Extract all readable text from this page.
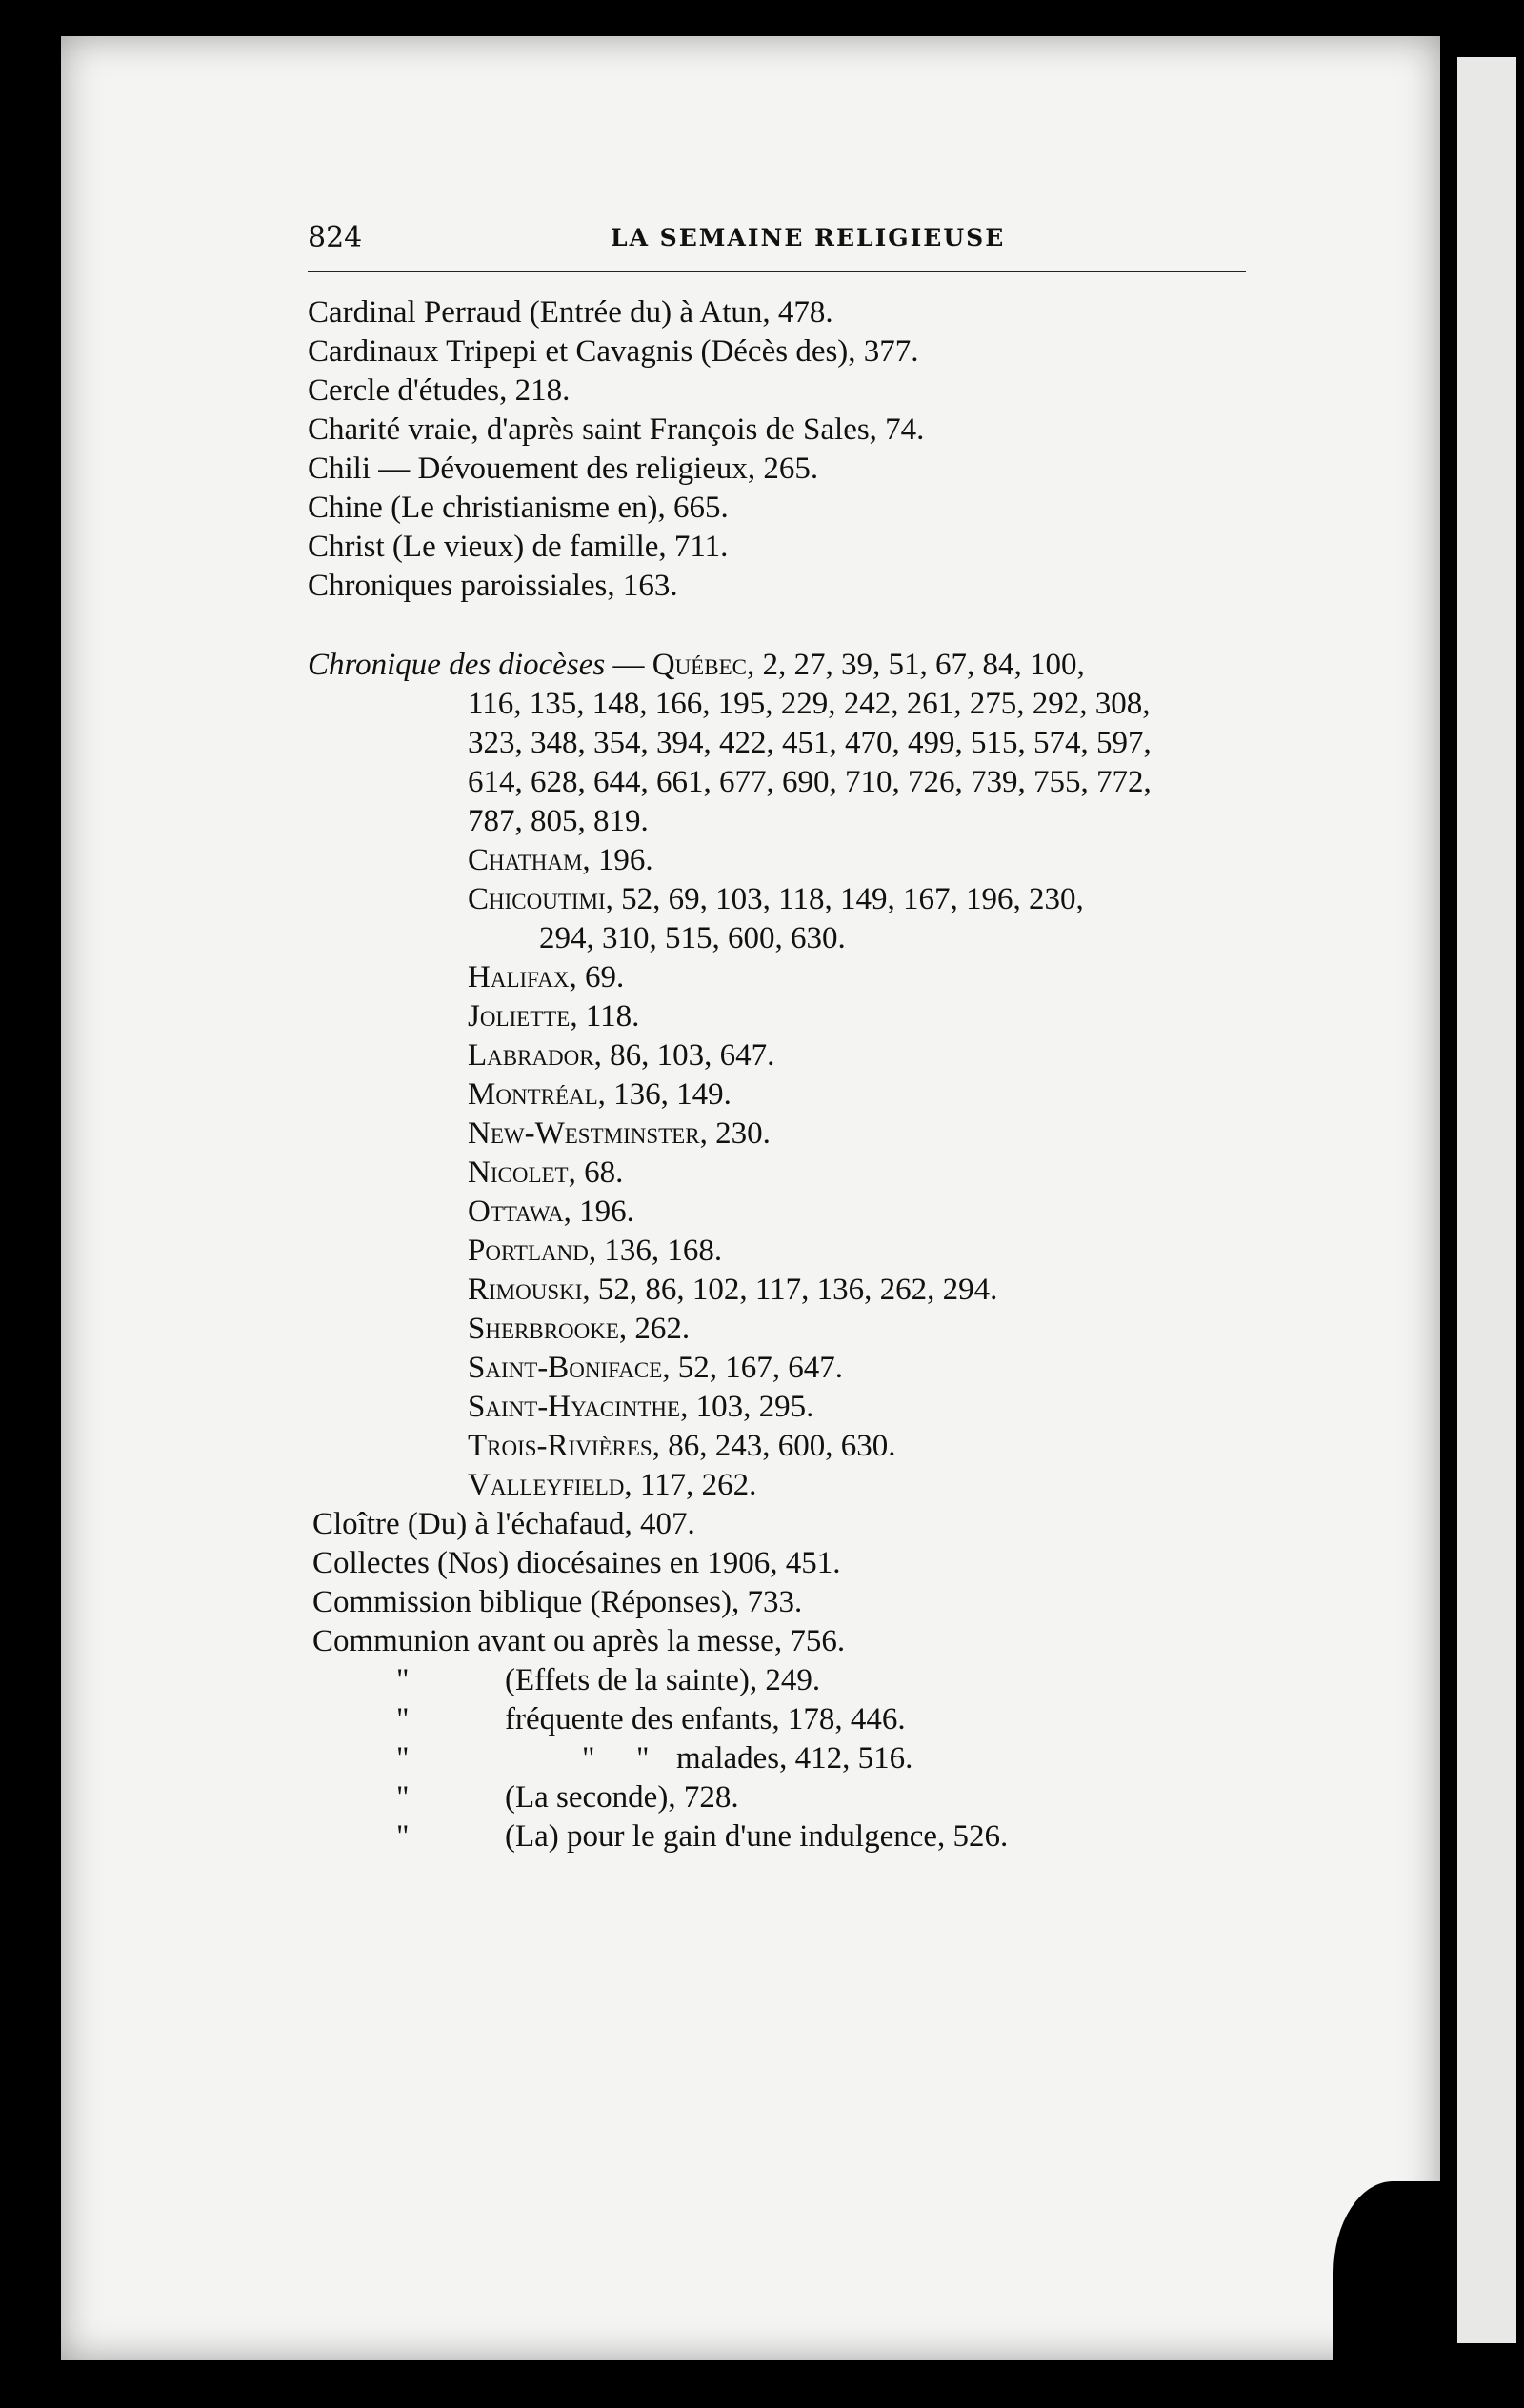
824	LA SEMAINE RELIGIEUSE
Cardinal Perraud (Entrée du) à Atun, 478.
Cardinaux Tripepi et Cavagnis (Décès des), 377.
Cercle d'études, 218.
Charité vraie, d'après saint François de Sales, 74.
Chili — Dévouement des religieux, 265.
Chine (Le christianisme en), 665.
Christ (Le vieux) de famille, 711.
Chroniques paroissiales, 163.
Chronique des diocèses — Québec, 2, 27, 39, 51, 67, 84, 100,
116, 135, 148, 166, 195, 229, 242, 261, 275, 292, 308,
323, 348, 354, 394, 422, 451, 470, 499, 515, 574, 597,
614, 628, 644, 661, 677, 690, 710, 726, 739, 755, 772,
787, 805, 819.
Chatham, 196.
Chicoutimi, 52, 69, 103, 118, 149, 167, 196, 230,
294, 310, 515, 600, 630.
Halifax, 69.
Joliette, 118.
Labrador, 86, 103, 647.
Montréal, 136, 149.
New-Westminster, 230.
Nicolet, 68.
Ottawa, 196.
Portland, 136, 168.
Rimouski, 52, 86, 102, 117, 136, 262, 294.
Sherbrooke, 262.
Saint-Boniface, 52, 167, 647.
Saint-Hyacinthe, 103, 295.
Trois-Rivières, 86, 243, 600, 630.
Valleyfield, 117, 262.
Cloître (Du) à l'échafaud, 407.
Collectes (Nos) diocésaines en 1906, 451.
Commission biblique (Réponses), 733.
Communion avant ou après la messe, 756.
"	(Effets de la sainte), 249.
"	fréquente des enfants, 178, 446.
"	" " malades, 412, 516.
"	(La seconde), 728.
"	(La) pour le gain d'une indulgence, 526.
